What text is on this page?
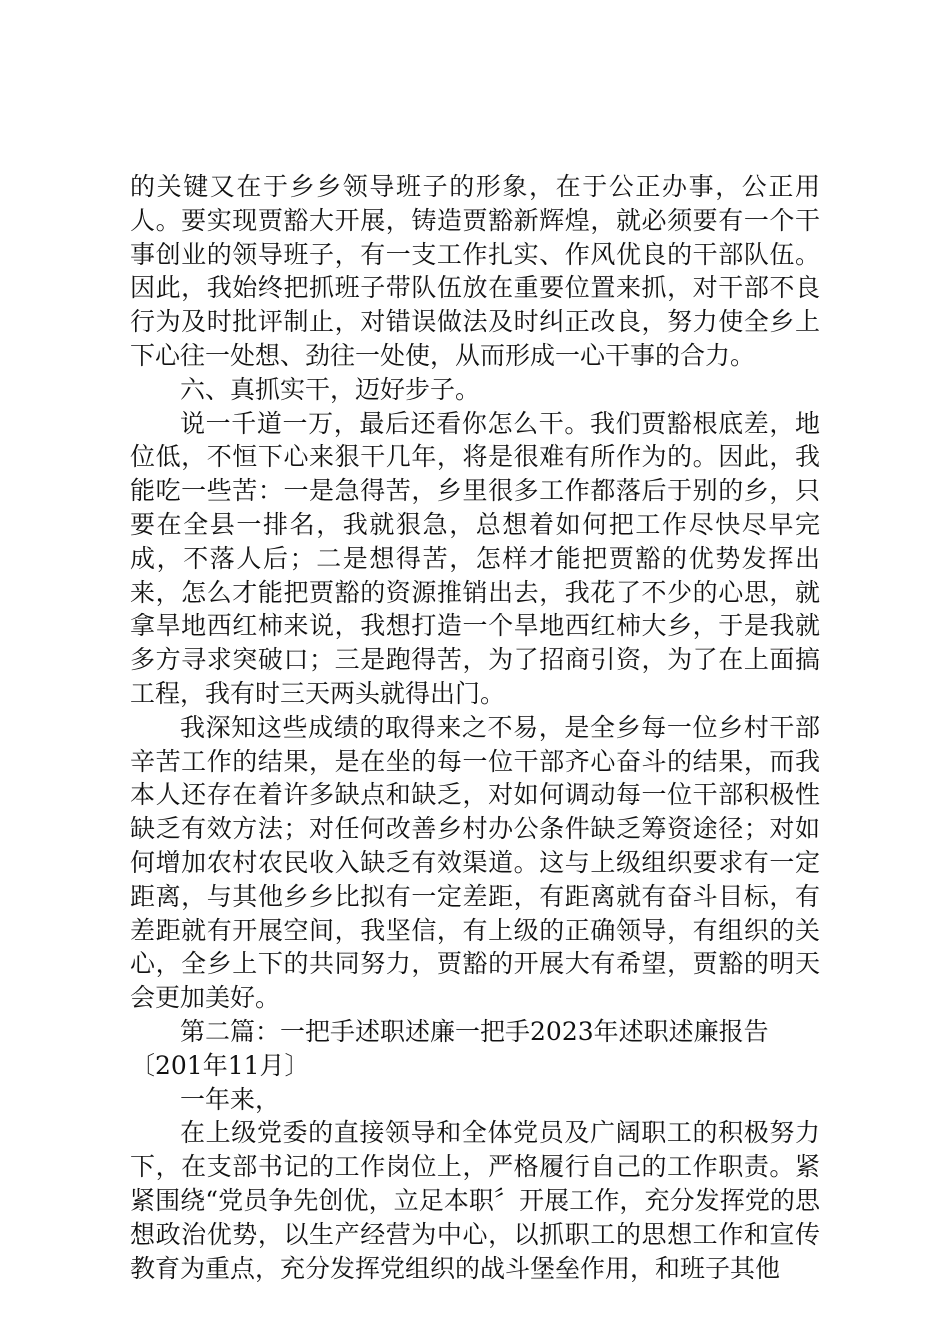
的关键又在于乡乡领导班子的形象，在于公正办事，公正用人。要实现贾豁大开展，铸造贾豁新辉煌，就必须要有一个干事创业的领导班子，有一支工作扎实、作风优良的干部队伍。因此，我始终把抓班子带队伍放在重要位置来抓，对干部不良行为及时批评制止，对错误做法及时纠正改良，努力使全乡上下心往一处想、劲往一处使，从而形成一心干事的合力。

六、真抓实干，迈好步子。

说一千道一万，最后还看你怎么干。我们贾豁根底差，地位低，不恒下心来狠干几年，将是很难有所作为的。因此，我能吃一些苦：一是急得苦，乡里很多工作都落后于别的乡，只要在全县一排名，我就狠急，总想着如何把工作尽快尽早完成，不落人后；二是想得苦，怎样才能把贾豁的优势发挥出来，怎么才能把贾豁的资源推销出去，我花了不少的心思，就拿旱地西红柿来说，我想打造一个旱地西红柿大乡，于是我就多方寻求突破口；三是跑得苦，为了招商引资，为了在上面搞工程，我有时三天两头就得出门。

我深知这些成绩的取得来之不易，是全乡每一位乡村干部辛苦工作的结果，是在坐的每一位干部齐心奋斗的结果，而我本人还存在着许多缺点和缺乏，对如何调动每一位干部积极性缺乏有效方法；对任何改善乡村办公条件缺乏筹资途径；对如何增加农村农民收入缺乏有效渠道。这与上级组织要求有一定距离，与其他乡乡比拟有一定差距，有距离就有奋斗目标，有差距就有开展空间，我坚信，有上级的正确领导，有组织的关心，全乡上下的共同努力，贾豁的开展大有希望，贾豁的明天会更加美好。

第二篇：一把手述职述廉一把手2023年述职述廉报告

〔201年11月〕

一年来，

在上级党委的直接领导和全体党员及广阔职工的积极努力下，在支部书记的工作岗位上，严格履行自己的工作职责。紧紧围绕“党员争先创优，立足本职〞开展工作，充分发挥党的思想政治优势，以生产经营为中心，以抓职工的思想工作和宣传教育为重点，充分发挥党组织的战斗堡垒作用，和班子其他
